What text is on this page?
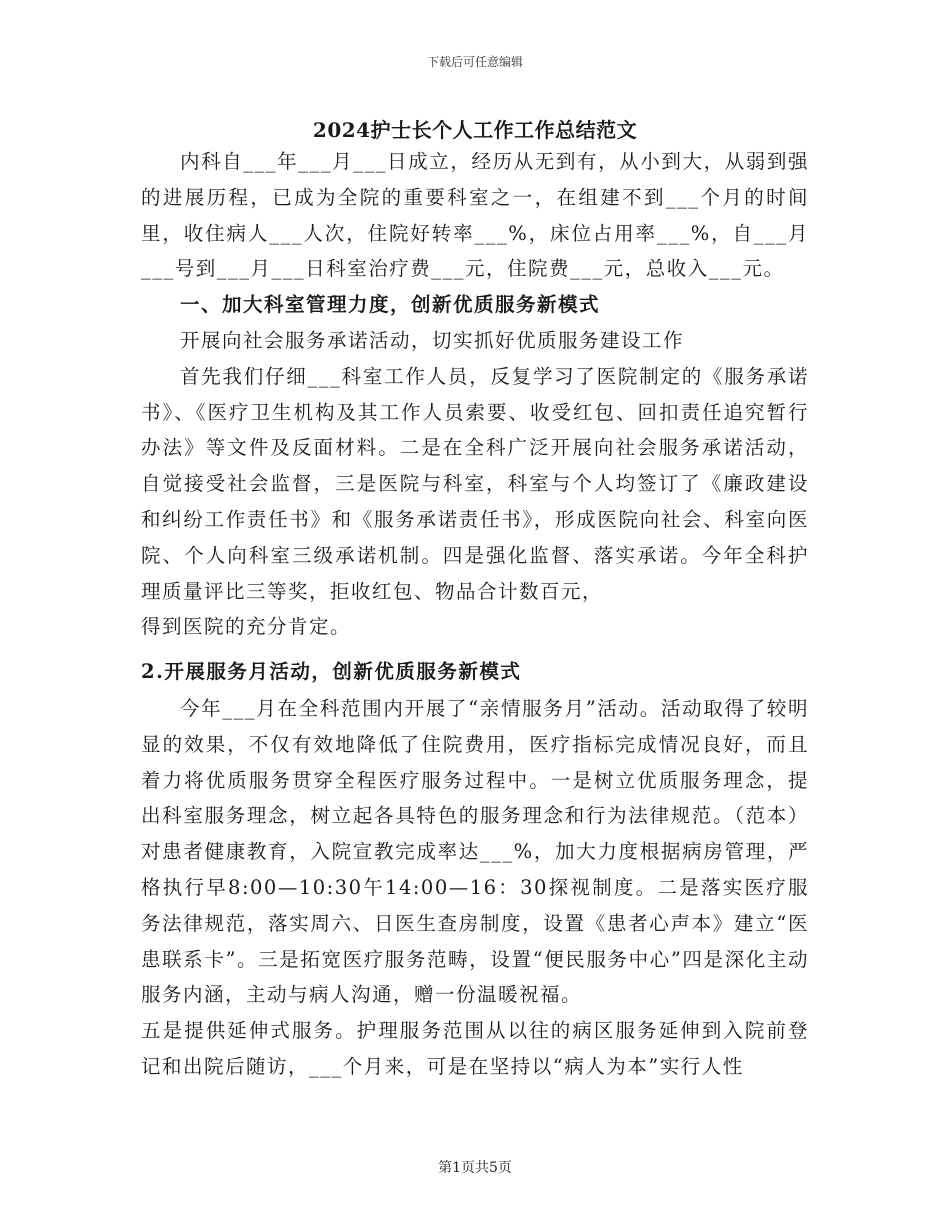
下载后可任意编辑
2024护士长个人工作工作总结范文

内科自___年___月___日成立，经历从无到有，从小到大，从弱到强的进展历程，已成为全院的重要科室之一，在组建不到___个月的时间里，收住病人___人次，住院好转率___%，床位占用率___%，自___月___号到___月___日科室治疗费___元，住院费___元，总收入___元。

一、加大科室管理力度，创新优质服务新模式

开展向社会服务承诺活动，切实抓好优质服务建设工作

首先我们仔细___科室工作人员，反复学习了医院制定的《服务承诺书》、《医疗卫生机构及其工作人员索要、收受红包、回扣责任追究暂行办法》等文件及反面材料。二是在全科广泛开展向社会服务承诺活动，自觉接受社会监督，三是医院与科室，科室与个人均签订了《廉政建设和纠纷工作责任书》和《服务承诺责任书》，形成医院向社会、科室向医院、个人向科室三级承诺机制。四是强化监督、落实承诺。今年全科护理质量评比三等奖，拒收红包、物品合计数百元，

得到医院的充分肯定。

2.开展服务月活动，创新优质服务新模式

今年___月在全科范围内开展了“亲情服务月”活动。活动取得了较明显的效果，不仅有效地降低了住院费用，医疗指标完成情况良好，而且着力将优质服务贯穿全程医疗服务过程中。一是树立优质服务理念，提出科室服务理念，树立起各具特色的服务理念和行为法律规范。（范本）对患者健康教育，入院宣教完成率达___%，加大力度根据病房管理，严格执行早8:00—10:30午14:00—16：30探视制度。二是落实医疗服务法律规范，落实周六、日医生查房制度，设置《患者心声本》建立“医患联系卡”。三是拓宽医疗服务范畴，设置“便民服务中心”四是深化主动服务内涵，主动与病人沟通，赠一份温暖祝福。

五是提供延伸式服务。护理服务范围从以往的病区服务延伸到入院前登记和出院后随访，___个月来，可是在坚持以“病人为本”实行人性

第1页共5页
